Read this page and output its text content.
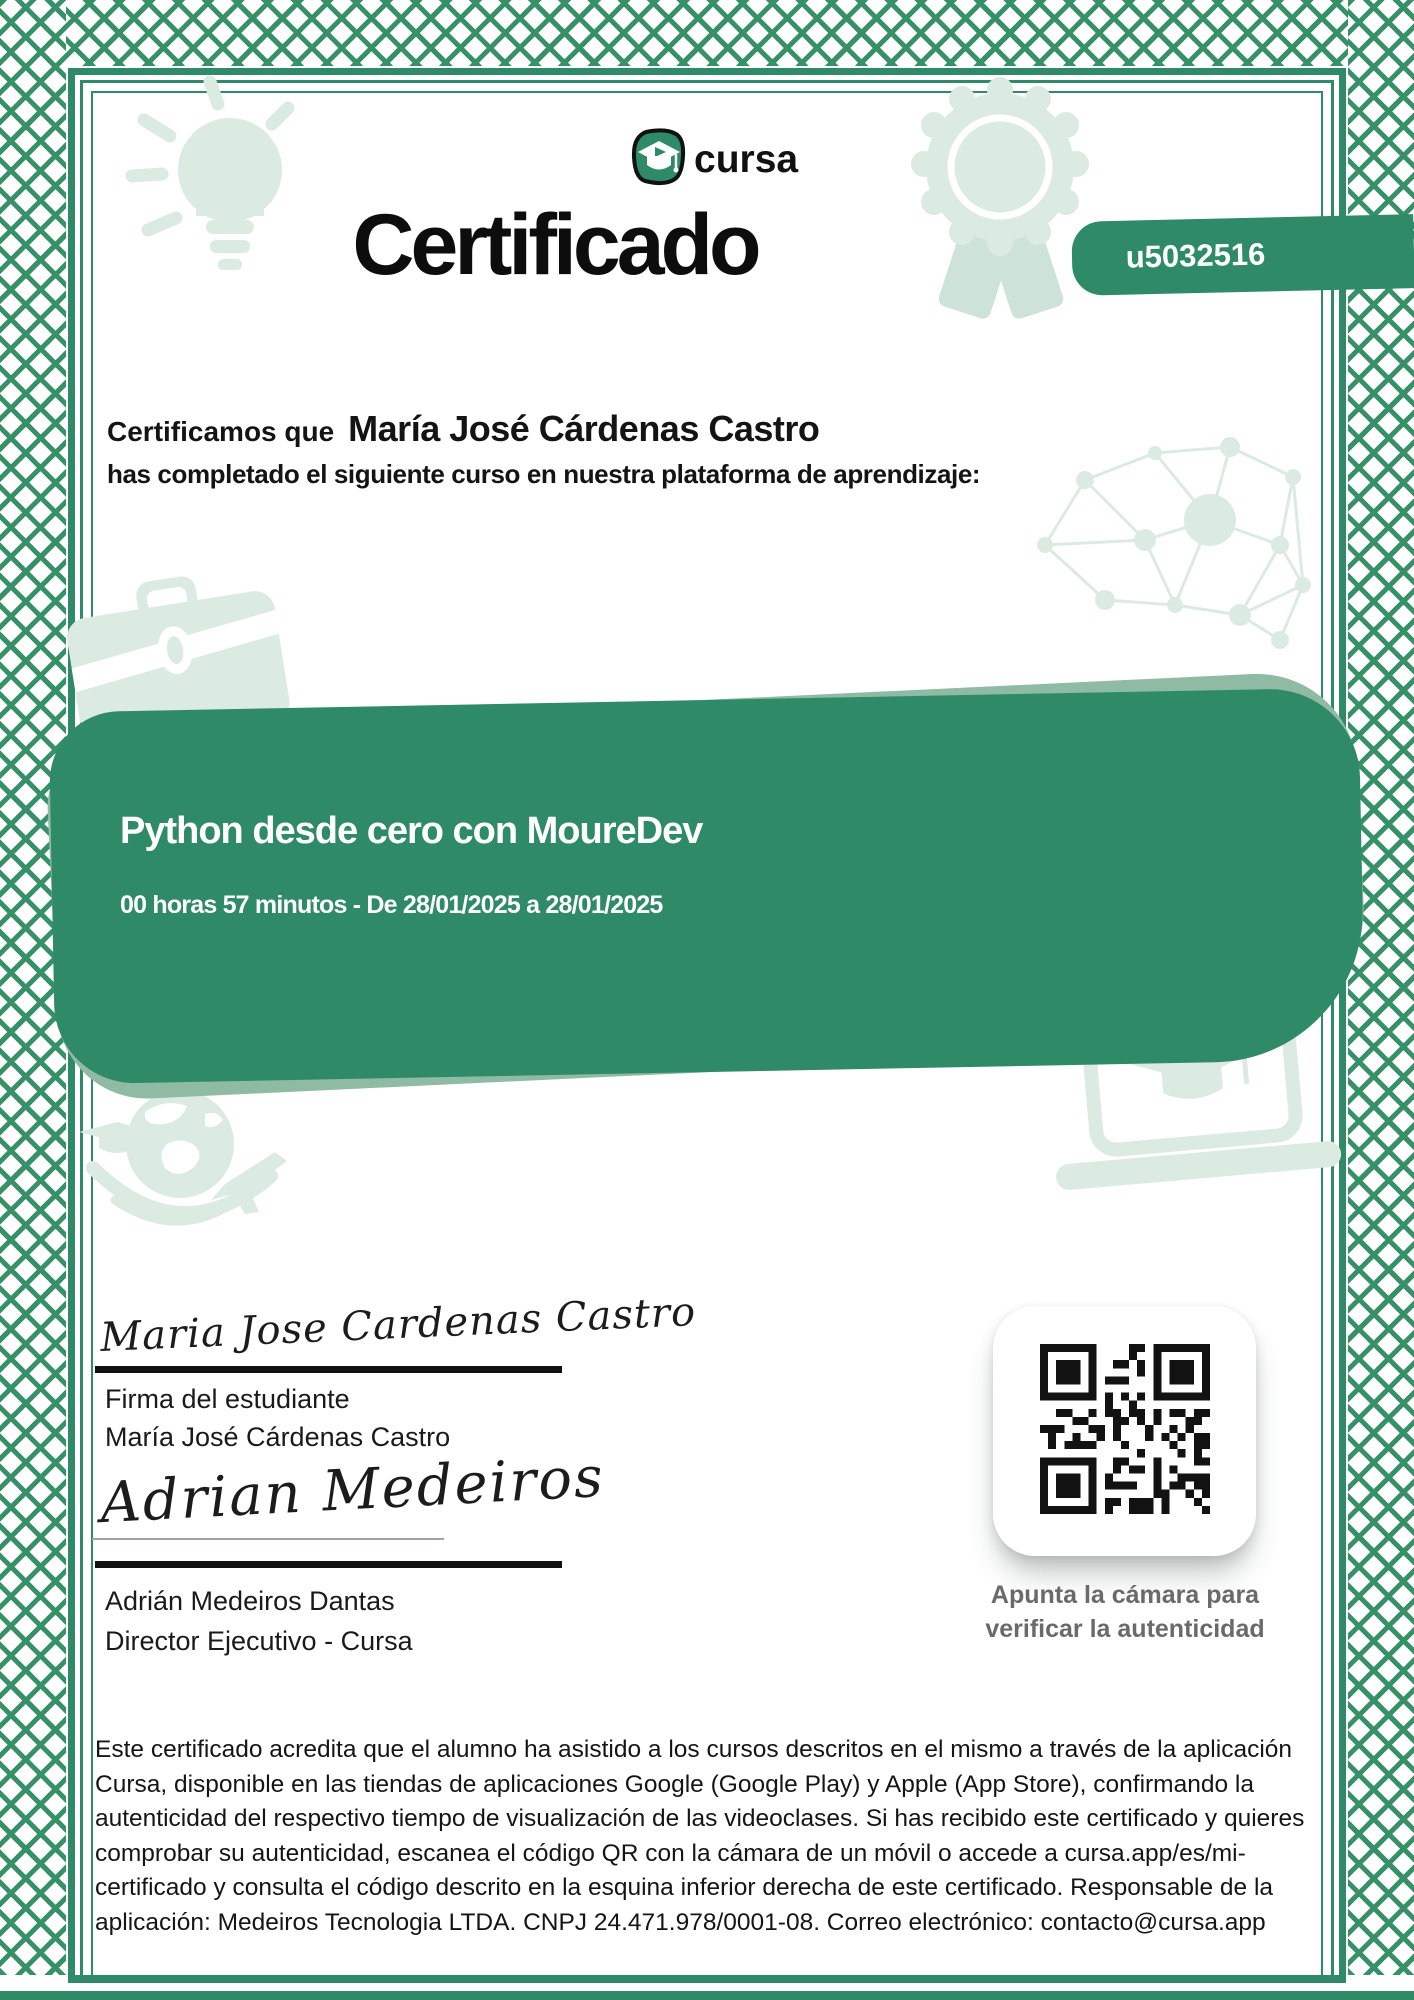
cursa
Certificado	u5032516
Certificamos que María José Cárdenas Castro
has completado el siguiente curso en nuestra plataforma de aprendizaje:
Python desde cero con MoureDev
00 horas 57 minutos - De 28/01/2025 a 28/01/2025
Maria Jose Cardenas Castro
Firma del estudiante
María José Cárdenas Castro
Adrian Medeiros
Adrián Medeiros Dantas
Director Ejecutivo - Cursa
Apunta la cámara para
verificar la autenticidad
Este certificado acredita que el alumno ha asistido a los cursos descritos en el mismo a través de la aplicación Cursa, disponible en las tiendas de aplicaciones Google (Google Play) y Apple (App Store), confirmando la autenticidad del respectivo tiempo de visualización de las videoclases. Si has recibido este certificado y quieres comprobar su autenticidad, escanea el código QR con la cámara de un móvil o accede a cursa.app/es/mi-certificado y consulta el código descrito en la esquina inferior derecha de este certificado. Responsable de la aplicación: Medeiros Tecnologia LTDA. CNPJ 24.471.978/0001-08. Correo electrónico: contacto@cursa.app
